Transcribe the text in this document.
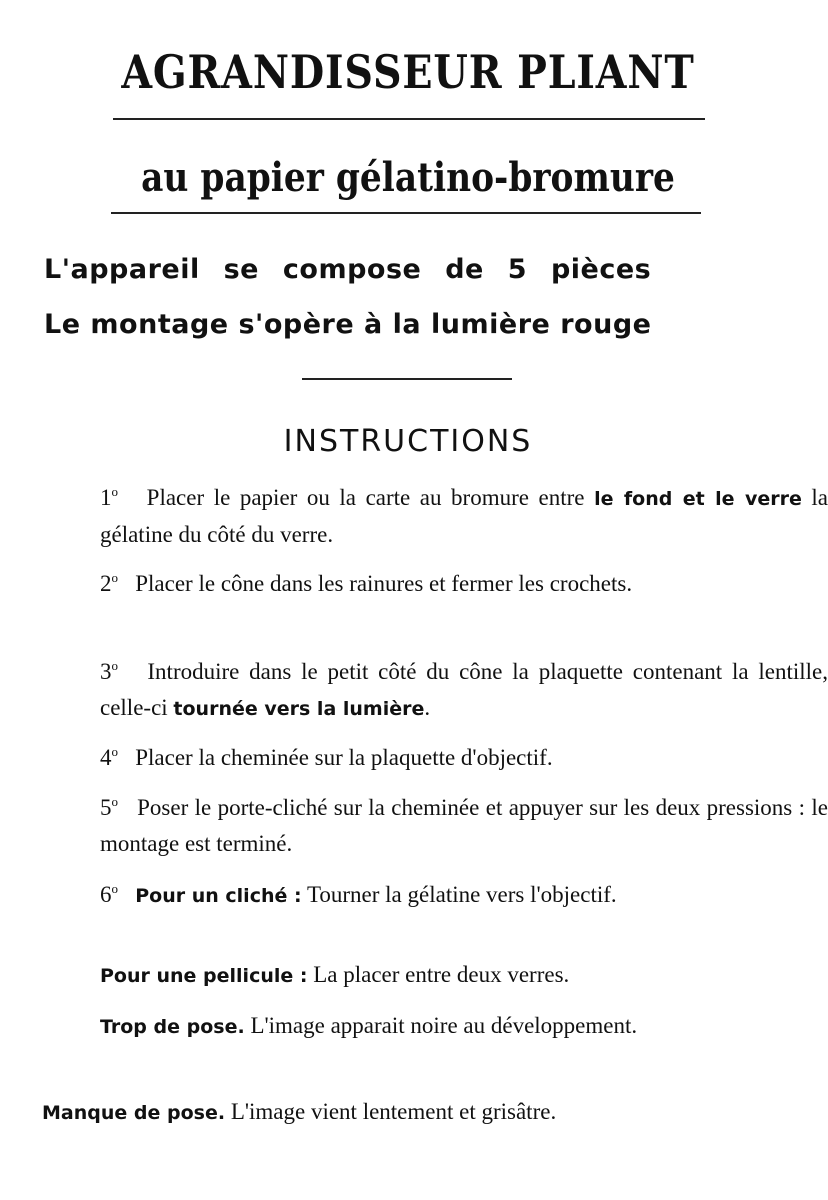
AGRANDISSEUR PLIANT
au papier gélatino-bromure
L'appareil se compose de 5 pièces
Le montage s'opère à la lumière rouge
INSTRUCTIONS
1$^o$ Placer le papier ou la carte au bromure entre le fond et le verre la gélatine du côté du verre.
2$^o$ Placer le cône dans les rainures et fermer les crochets.
3$^o$ Introduire dans le petit côté du cône la plaquette contenant la lentille, celle-ci tournée vers la lumière.
4$^o$ Placer la cheminée sur la plaquette d'objectif.
5$^o$ Poser le porte-cliché sur la cheminée et appuyer sur les deux pressions : le montage est terminé.
6$^o$ Pour un cliché : Tourner la gélatine vers l'objectif.
Pour une pellicule : La placer entre deux verres.
Trop de pose. L'image apparait noire au développement.
Manque de pose. L'image vient lentement et grisâtre.
